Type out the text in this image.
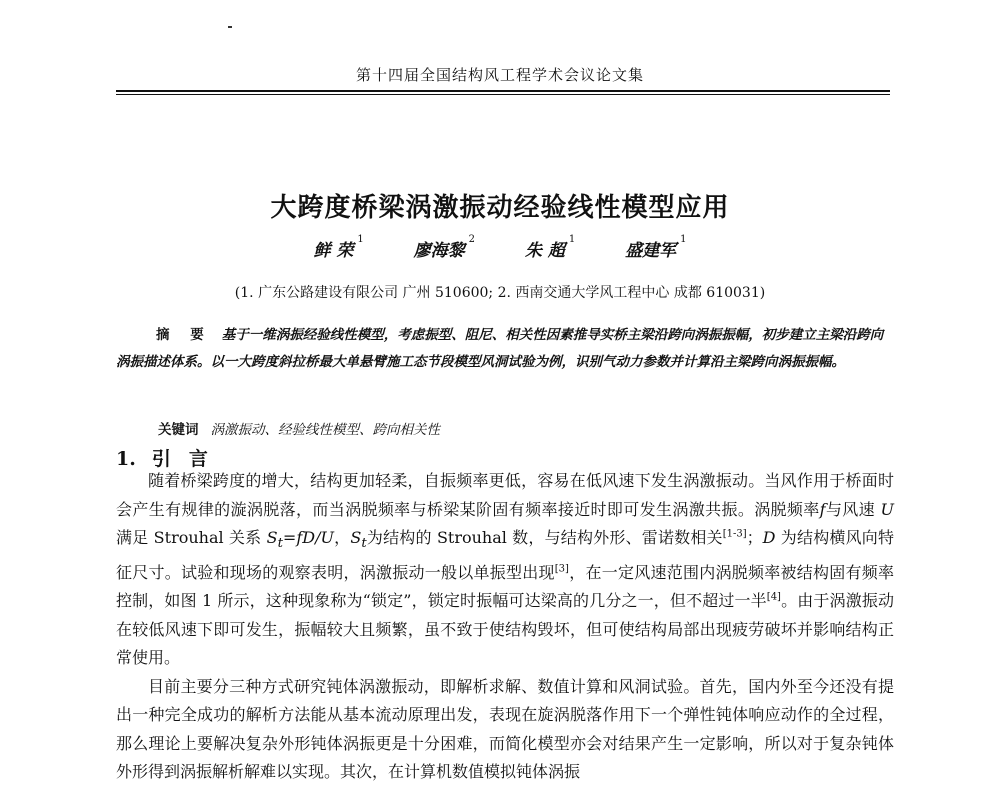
第十四届全国结构风工程学术会议论文集
大跨度桥梁涡激振动经验线性模型应用
鲜 荣$^1$ 廖海黎$^2$ 朱 超$^1$ 盛建军$^1$
(1. 广东公路建设有限公司 广州 510600; 2. 西南交通大学风工程中心 成都 610031)
摘 要 基于一维涡振经验线性模型，考虑振型、阻尼、相关性因素推导实桥主梁沿跨向涡振振幅，初步建立主梁沿跨向涡振描述体系。以一大跨度斜拉桥最大单悬臂施工态节段模型风洞试验为例，识别气动力参数并计算沿主梁跨向涡振振幅。
关键词 涡激振动、经验线性模型、跨向相关性
1. 引言

随着桥梁跨度的增大，结构更加轻柔，自振频率更低，容易在低风速下发生涡激振动。当风作用于桥面时会产生有规律的漩涡脱落，而当涡脱频率与桥梁某阶固有频率接近时即可发生涡激共振。涡脱频率f与风速 U 满足 Strouhal 关系 $S_t=fD/U$，$S_t$为结构的 Strouhal 数，与结构外形、雷诺数相关[1-3]；D 为结构横风向特征尺寸。试验和现场的观察表明，涡激振动一般以单振型出现[3]，在一定风速范围内涡脱频率被结构固有频率控制，如图 1 所示，这种现象称为“锁定”，锁定时振幅可达梁高的几分之一，但不超过一半[4]。由于涡激振动在较低风速下即可发生，振幅较大且频繁，虽不致于使结构毁坏，但可使结构局部出现疲劳破坏并影响结构正常使用。

目前主要分三种方式研究钝体涡激振动，即解析求解、数值计算和风洞试验。首先，国内外至今还没有提出一种完全成功的解析方法能从基本流动原理出发，表现在旋涡脱落作用下一个弹性钝体响应动作的全过程，那么理论上要解决复杂外形钝体涡振更是十分困难，而简化模型亦会对结果产生一定影响，所以对于复杂钝体外形得到涡振解析解难以实现。其次，在计算机数值模拟钝体涡振
